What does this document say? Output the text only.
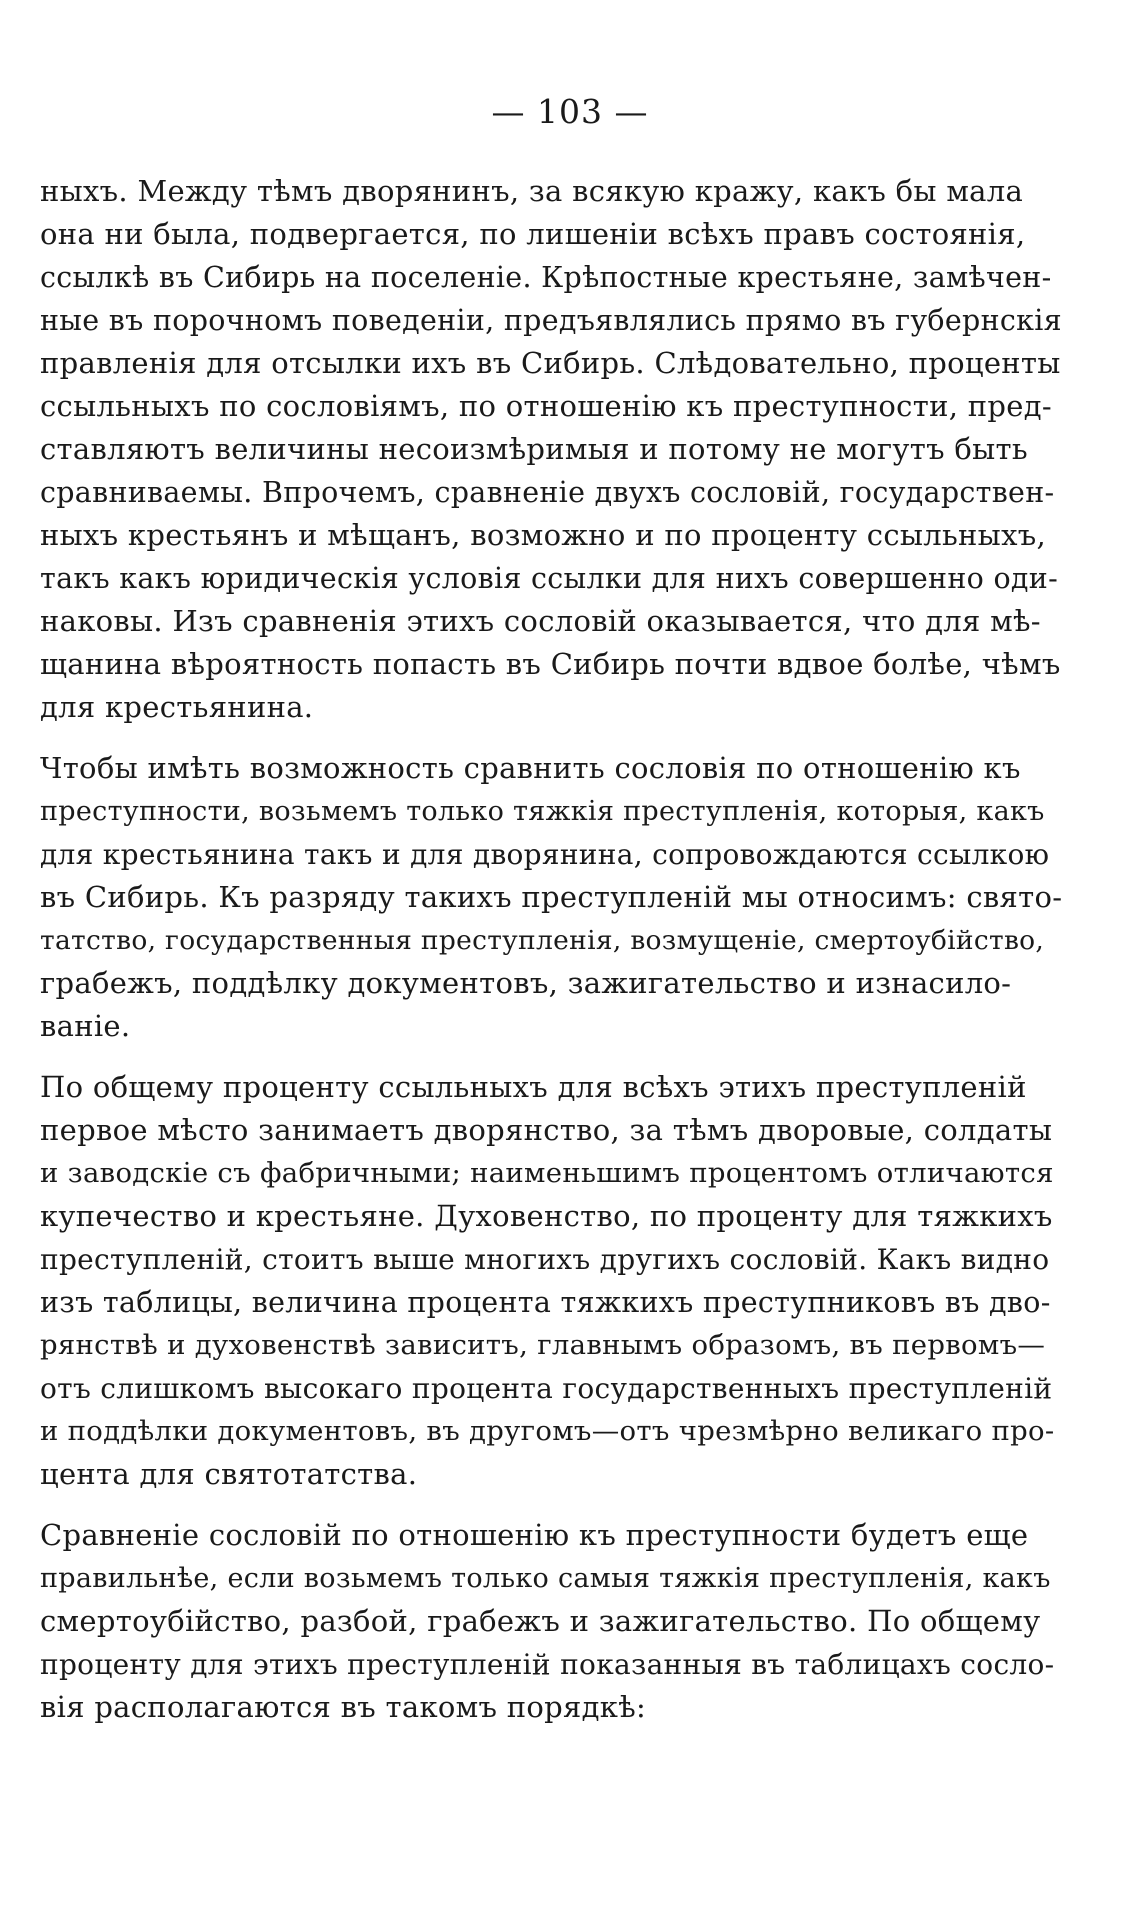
— 103 —
ныхъ. Между тѣмъ дворянинъ, за всякую кражу, какъ бы мала
она ни была, подвергается, по лишеніи всѣхъ правъ состоянія,
ссылкѣ въ Сибирь на поселеніе. Крѣпостные крестьяне, замѣчен-
ные въ порочномъ поведеніи, предъявлялись прямо въ губернскія
правленія для отсылки ихъ въ Сибирь. Слѣдовательно, проценты
ссыльныхъ по сословіямъ, по отношенію къ преступности, пред-
ставляютъ величины несоизмѣримыя и потому не могутъ быть
сравниваемы. Впрочемъ, сравненіе двухъ сословій, государствен-
ныхъ крестьянъ и мѣщанъ, возможно и по проценту ссыльныхъ,
такъ какъ юридическія условія ссылки для нихъ совершенно оди-
наковы. Изъ сравненія этихъ сословій оказывается, что для мѣ-
щанина вѣроятность попасть въ Сибирь почти вдвое болѣе, чѣмъ
для крестьянина.
Чтобы имѣть возможность сравнить сословія по отношенію къ
преступности, возьмемъ только тяжкія преступленія, которыя, какъ
для крестьянина такъ и для дворянина, сопровождаются ссылкою
въ Сибирь. Къ разряду такихъ преступленій мы относимъ: свято-
татство, государственныя преступленія, возмущеніе, смертоубійство,
грабежъ, поддѣлку документовъ, зажигательство и изнасило-
ваніе.
По общему проценту ссыльныхъ для всѣхъ этихъ преступленій
первое мѣсто занимаетъ дворянство, за тѣмъ дворовые, солдаты
и заводскіе съ фабричными; наименьшимъ процентомъ отличаются
купечество и крестьяне. Духовенство, по проценту для тяжкихъ
преступленій, стоитъ выше многихъ другихъ сословій. Какъ видно
изъ таблицы, величина процента тяжкихъ преступниковъ въ дво-
рянствѣ и духовенствѣ зависитъ, главнымъ образомъ, въ первомъ—
отъ слишкомъ высокаго процента государственныхъ преступленій
и поддѣлки документовъ, въ другомъ—отъ чрезмѣрно великаго про-
цента для святотатства.
Сравненіе сословій по отношенію къ преступности будетъ еще
правильнѣе, если возьмемъ только самыя тяжкія преступленія, какъ
смертоубійство, разбой, грабежъ и зажигательство. По общему
проценту для этихъ преступленій показанныя въ таблицахъ сосло-
вія располагаются въ такомъ порядкѣ:
